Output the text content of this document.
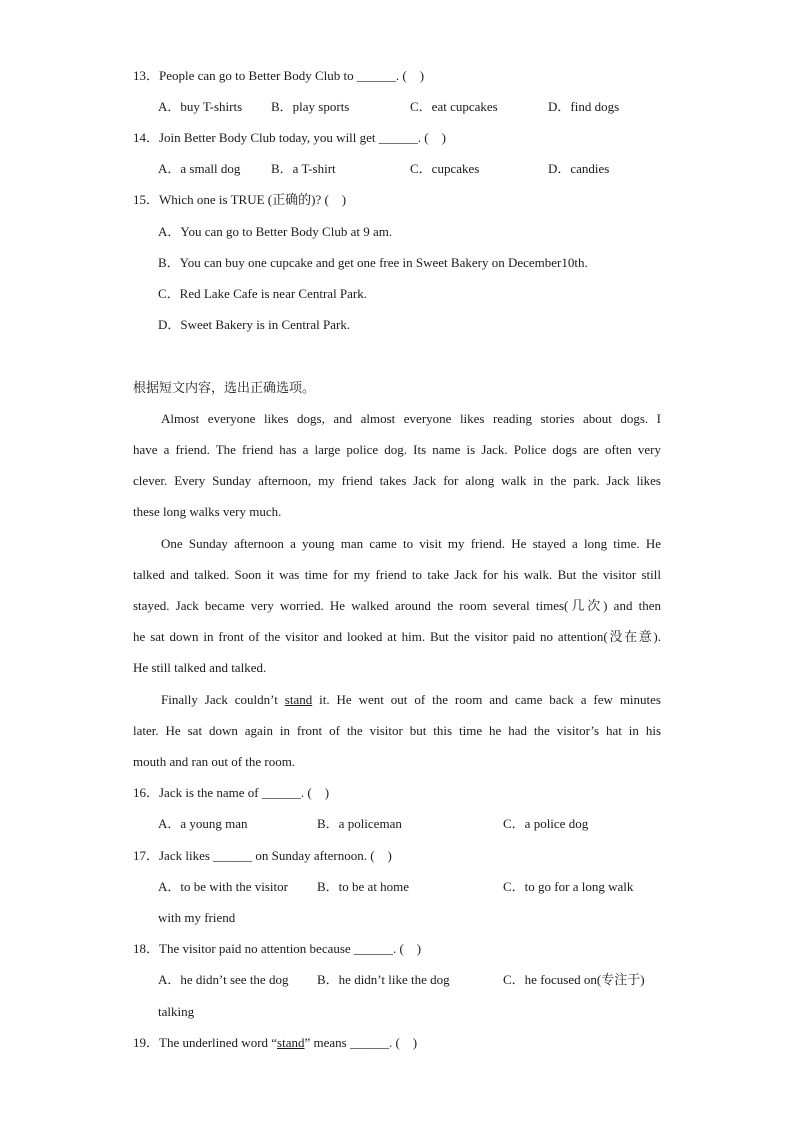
13．People can go to Better Body Club to ______. (　)
A．buy T-shirts B．play sports	C．eat cupcakes	D．find dogs
14．Join Better Body Club today, you will get ______. (　)
A．a small dog B．a T-shirt	C．cupcakes	D．candies
15．Which one is TRUE (正确的)? (　)
A．You can go to Better Body Club at 9 am.
B．You can buy one cupcake and get one free in Sweet Bakery on December10th.
C．Red Lake Cafe is near Central Park.
D．Sweet Bakery is in Central Park.
根据短文内容，选出正确选项。
Almost everyone likes dogs, and almost everyone likes reading stories about dogs. I
have a friend. The friend has a large police dog. Its name is Jack. Police dogs are often very
clever. Every Sunday afternoon, my friend takes Jack for along walk in the park. Jack likes
these long walks very much.
One Sunday afternoon a young man came to visit my friend. He stayed a long time. He
talked and talked. Soon it was time for my friend to take Jack for his walk. But the visitor still
stayed. Jack became very worried. He walked around the room several times(几次) and then
he sat down in front of the visitor and looked at him. But the visitor paid no attention(没在意).
He still talked and talked.
Finally Jack couldn’t stand it. He went out of the room and came back a few minutes
later. He sat down again in front of the visitor but this time he had the visitor’s hat in his
mouth and ran out of the room.
16．Jack is the name of ______. (　)
A．a young man	B．a policeman	C．a police dog
17．Jack likes ______ on Sunday afternoon. (　)
A．to be with the visitor B．to be at home	C．to go for a long walk
with my friend
18．The visitor paid no attention because ______. (　)
A．he didn’t see the dog B．he didn’t like the dog	C．he focused on(专注于)
talking
19．The underlined word “stand” means ______. (　)
